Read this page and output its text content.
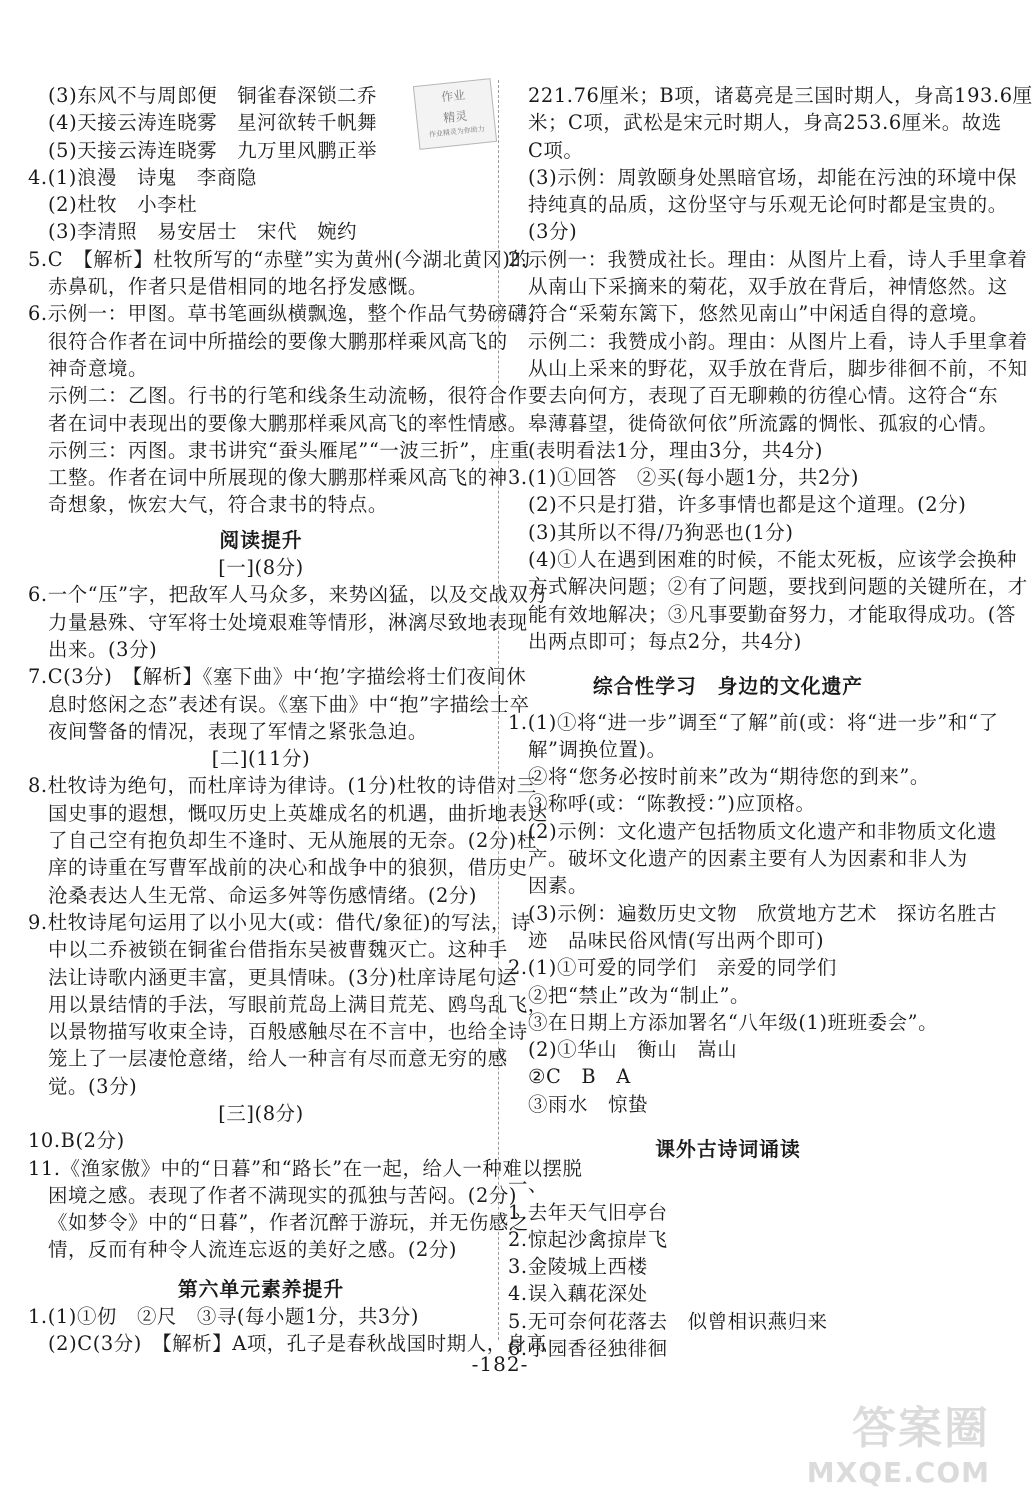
作业
精灵
作业精灵为你助力
(3)东风不与周郎便　铜雀春深锁二乔
(4)天接云涛连晓雾　星河欲转千帆舞
(5)天接云涛连晓雾　九万里风鹏正举
4.(1)浪漫　诗鬼　李商隐
(2)杜牧　小李杜
(3)李清照　易安居士　宋代　婉约
5.C　【解析】杜牧所写的“赤壁”实为黄州(今湖北黄冈)的
赤鼻矶，作者只是借相同的地名抒发感慨。
6.示例一：甲图。草书笔画纵横飘逸，整个作品气势磅礴，
很符合作者在词中所描绘的要像大鹏那样乘风高飞的
神奇意境。
示例二：乙图。行书的行笔和线条生动流畅，很符合作
者在词中表现出的要像大鹏那样乘风高飞的率性情感。
示例三：丙图。隶书讲究“蚕头雁尾”“一波三折”，庄重
工整。作者在词中所展现的像大鹏那样乘风高飞的神
奇想象，恢宏大气，符合隶书的特点。
阅读提升
[一](8分)
6.一个“压”字，把敌军人马众多，来势凶猛，以及交战双方
力量悬殊、守军将士处境艰难等情形，淋漓尽致地表现
出来。(3分)
7.C(3分)　【解析】《塞下曲》中‘抱’字描绘将士们夜间休
息时悠闲之态”表述有误。《塞下曲》中“抱”字描绘士卒
夜间警备的情况，表现了军情之紧张急迫。
[二](11分)
8.杜牧诗为绝句，而杜庠诗为律诗。(1分)杜牧的诗借对三
国史事的遐想，慨叹历史上英雄成名的机遇，曲折地表达
了自己空有抱负却生不逢时、无从施展的无奈。(2分)杜
庠的诗重在写曹军战前的决心和战争中的狼狈，借历史
沧桑表达人生无常、命运多舛等伤感情绪。(2分)
9.杜牧诗尾句运用了以小见大(或：借代/象征)的写法，诗
中以二乔被锁在铜雀台借指东吴被曹魏灭亡。这种手
法让诗歌内涵更丰富，更具情味。(3分)杜庠诗尾句运
用以景结情的手法，写眼前荒岛上满目荒芜、鸥鸟乱飞，
以景物描写收束全诗，百般感触尽在不言中，也给全诗
笼上了一层凄怆意绪，给人一种言有尽而意无穷的感
觉。(3分)
[三](8分)
10.B(2分)
11.《渔家傲》中的“日暮”和“路长”在一起，给人一种难以摆脱
困境之感。表现了作者不满现实的孤独与苦闷。(2分)
《如梦令》中的“日暮”，作者沉醉于游玩，并无伤感之
情，反而有种令人流连忘返的美好之感。(2分)
第六单元素养提升
1.(1)①仞　②尺　③寻(每小题1分，共3分)
(2)C(3分)　【解析】A项，孔子是春秋战国时期人，身高
221.76厘米；B项，诸葛亮是三国时期人，身高193.6厘
米；C项，武松是宋元时期人，身高253.6厘米。故选
C项。
(3)示例：周敦颐身处黑暗官场，却能在污浊的环境中保
持纯真的品质，这份坚守与乐观无论何时都是宝贵的。
(3分)
2.示例一：我赞成社长。理由：从图片上看，诗人手里拿着
从南山下采摘来的菊花，双手放在背后，神情悠然。这
符合“采菊东篱下，悠然见南山”中闲适自得的意境。
示例二：我赞成小韵。理由：从图片上看，诗人手里拿着
从山上采来的野花，双手放在背后，脚步徘徊不前，不知
要去向何方，表现了百无聊赖的彷徨心情。这符合“东
皋薄暮望，徙倚欲何依”所流露的惆怅、孤寂的心情。
(表明看法1分，理由3分，共4分)
3.(1)①回答　②买(每小题1分，共2分)
(2)不只是打猎，许多事情也都是这个道理。(2分)
(3)其所以不得/乃狗恶也(1分)
(4)①人在遇到困难的时候，不能太死板，应该学会换种
方式解决问题；②有了问题，要找到问题的关键所在，才
能有效地解决；③凡事要勤奋努力，才能取得成功。(答
出两点即可；每点2分，共4分)
综合性学习　身边的文化遗产
1.(1)①将“进一步”调至“了解”前(或：将“进一步”和“了
解”调换位置)。
②将“您务必按时前来”改为“期待您的到来”。
③称呼(或：“陈教授：”)应顶格。
(2)示例：文化遗产包括物质文化遗产和非物质文化遗
产。破坏文化遗产的因素主要有人为因素和非人为
因素。
(3)示例：遍数历史文物　欣赏地方艺术　探访名胜古
迹　品味民俗风情(写出两个即可)
2.(1)①可爱的同学们　亲爱的同学们
②把“禁止”改为“制止”。
③在日期上方添加署名“八年级(1)班班委会”。
(2)①华山　衡山　嵩山
②C　B　A
③雨水　惊蛰
课外古诗词诵读
一、
1.去年天气旧亭台
2.惊起沙禽掠岸飞
3.金陵城上西楼
4.误入藕花深处
5.无可奈何花落去　似曾相识燕归来
6.小园香径独徘徊
-182-
答案圈
MXQE.COM
